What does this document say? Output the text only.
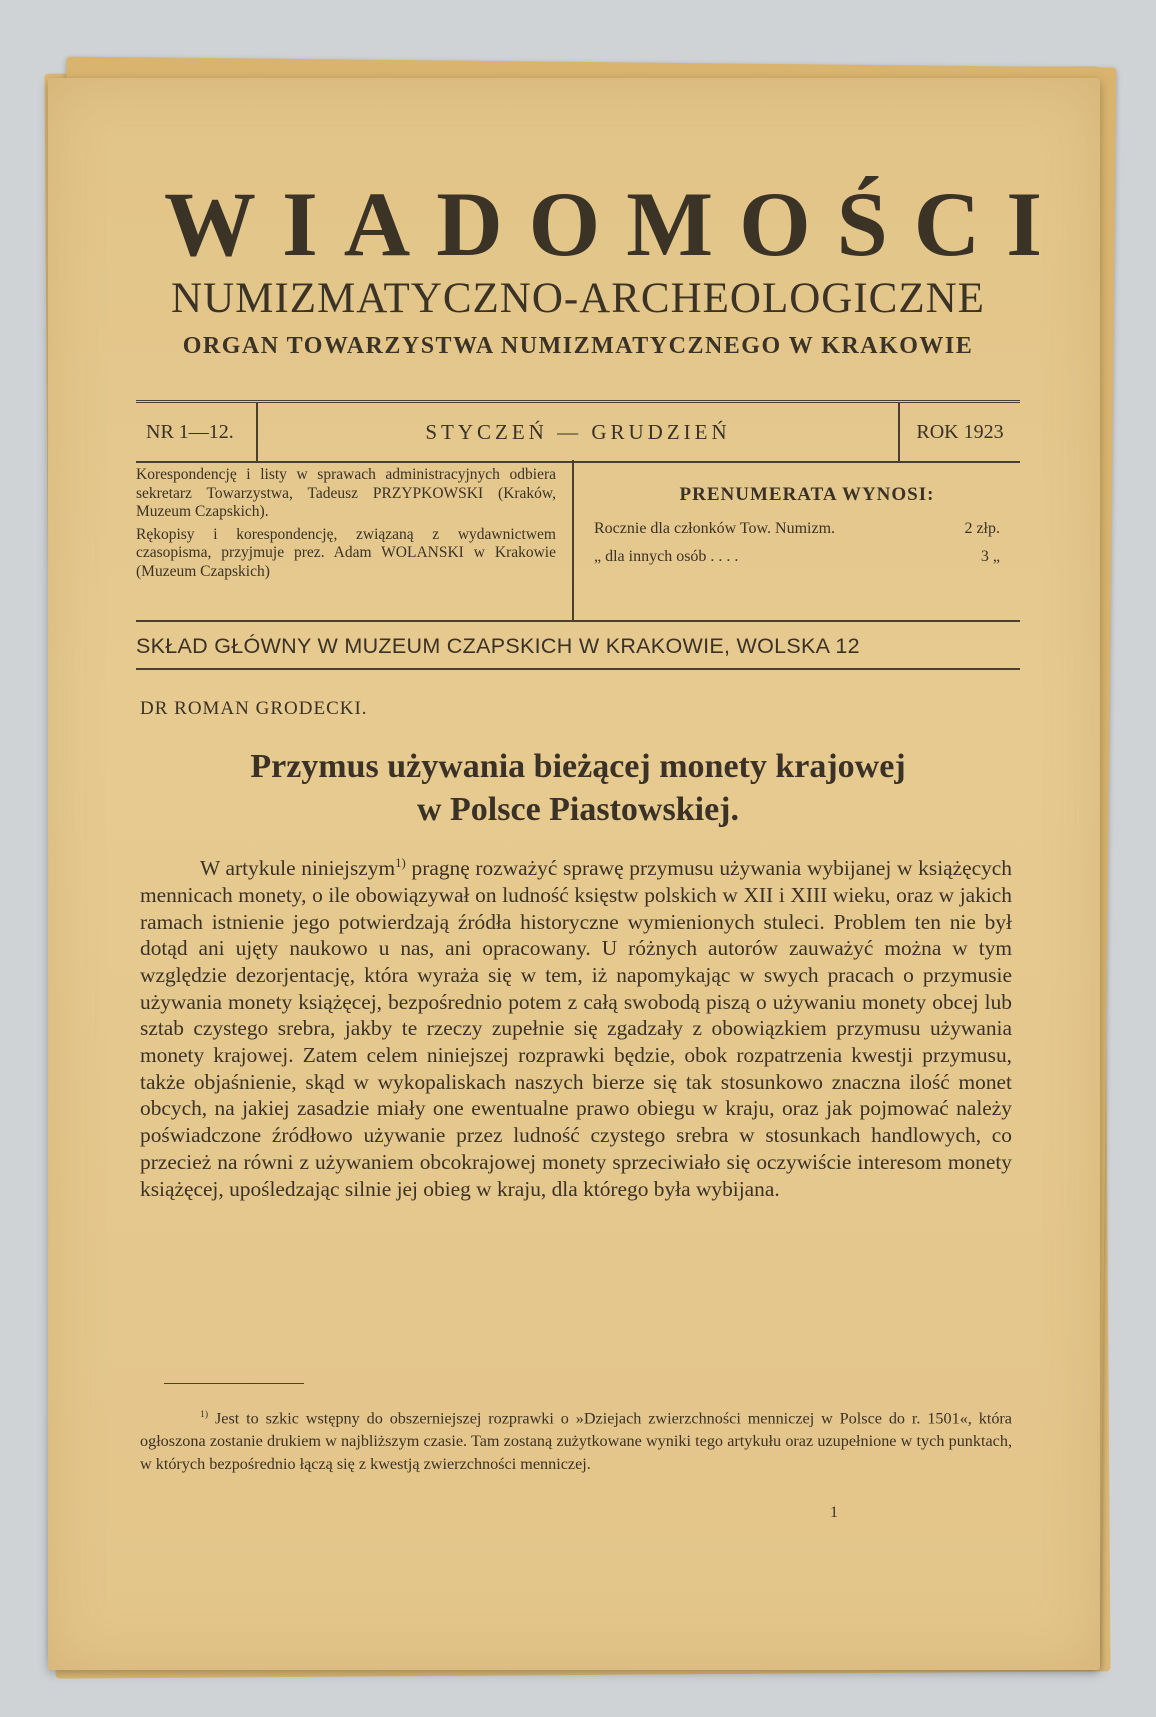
WIADOMOŚCI
NUMIZMATYCZNO-ARCHEOLOGICZNE
ORGAN TOWARZYSTWA NUMIZMATYCZNEGO W KRAKOWIE
NR 1—12.	STYCZEŃ — GRUDZIEŃ	ROK 1923

Korespondencję i listy w sprawach administracyjnych odbiera sekretarz Towarzystwa, Tadeusz PRZYPKOWSKI (Kraków, Muzeum Czapskich).

Rękopisy i korespondencję, związaną z wydawnictwem czasopisma, przyjmuje prez. Adam WOLANSKI w Krakowie (Muzeum Czapskich)

PRENUMERATA WYNOSI:
Rocznie dla członków Tow. Numizm.	2 złp.
„ dla innych osób . . . .	3 „
SKŁAD GŁÓWNY W MUZEUM CZAPSKICH W KRAKOWIE, WOLSKA 12
DR ROMAN GRODECKI.
Przymus używania bieżącej monety krajowej
w Polsce Piastowskiej.

W artykule niniejszym$^{1)}$ pragnę rozważyć sprawę przymusu używania wybijanej w książęcych mennicach monety, o ile obowiązywał on ludność księstw polskich w XII i XIII wieku, oraz w jakich ramach istnienie jego potwierdzają źródła historyczne wymienionych stuleci. Problem ten nie był dotąd ani ujęty naukowo u nas, ani opracowany. U różnych autorów zauważyć można w tym względzie dezorjentację, która wyraża się w tem, iż napomykając w swych pracach o przymusie używania monety książęcej, bezpośrednio potem z całą swobodą piszą o używaniu monety obcej lub sztab czystego srebra, jakby te rzeczy zupełnie się zgadzały z obowiązkiem przymusu używania monety krajowej. Zatem celem niniejszej rozprawki będzie, obok rozpatrzenia kwestji przymusu, także objaśnienie, skąd w wykopaliskach naszych bierze się tak stosunkowo znaczna ilość monet obcych, na jakiej zasadzie miały one ewentualne prawo obiegu w kraju, oraz jak pojmować należy poświadczone źródłowo używanie przez ludność czystego srebra w stosunkach handlowych, co przecież na równi z używaniem obcokrajowej monety sprzeciwiało się oczywiście interesom monety książęcej, upośledzając silnie jej obieg w kraju, dla którego była wybijana.

$^{1)}$ Jest to szkic wstępny do obszerniejszej rozprawki o »Dziejach zwierzchności menniczej w Polsce do r. 1501«, która ogłoszona zostanie drukiem w najbliższym czasie. Tam zostaną zużytkowane wyniki tego artykułu oraz uzupełnione w tych punktach, w których bezpośrednio łączą się z kwestją zwierzchności menniczej.

1
